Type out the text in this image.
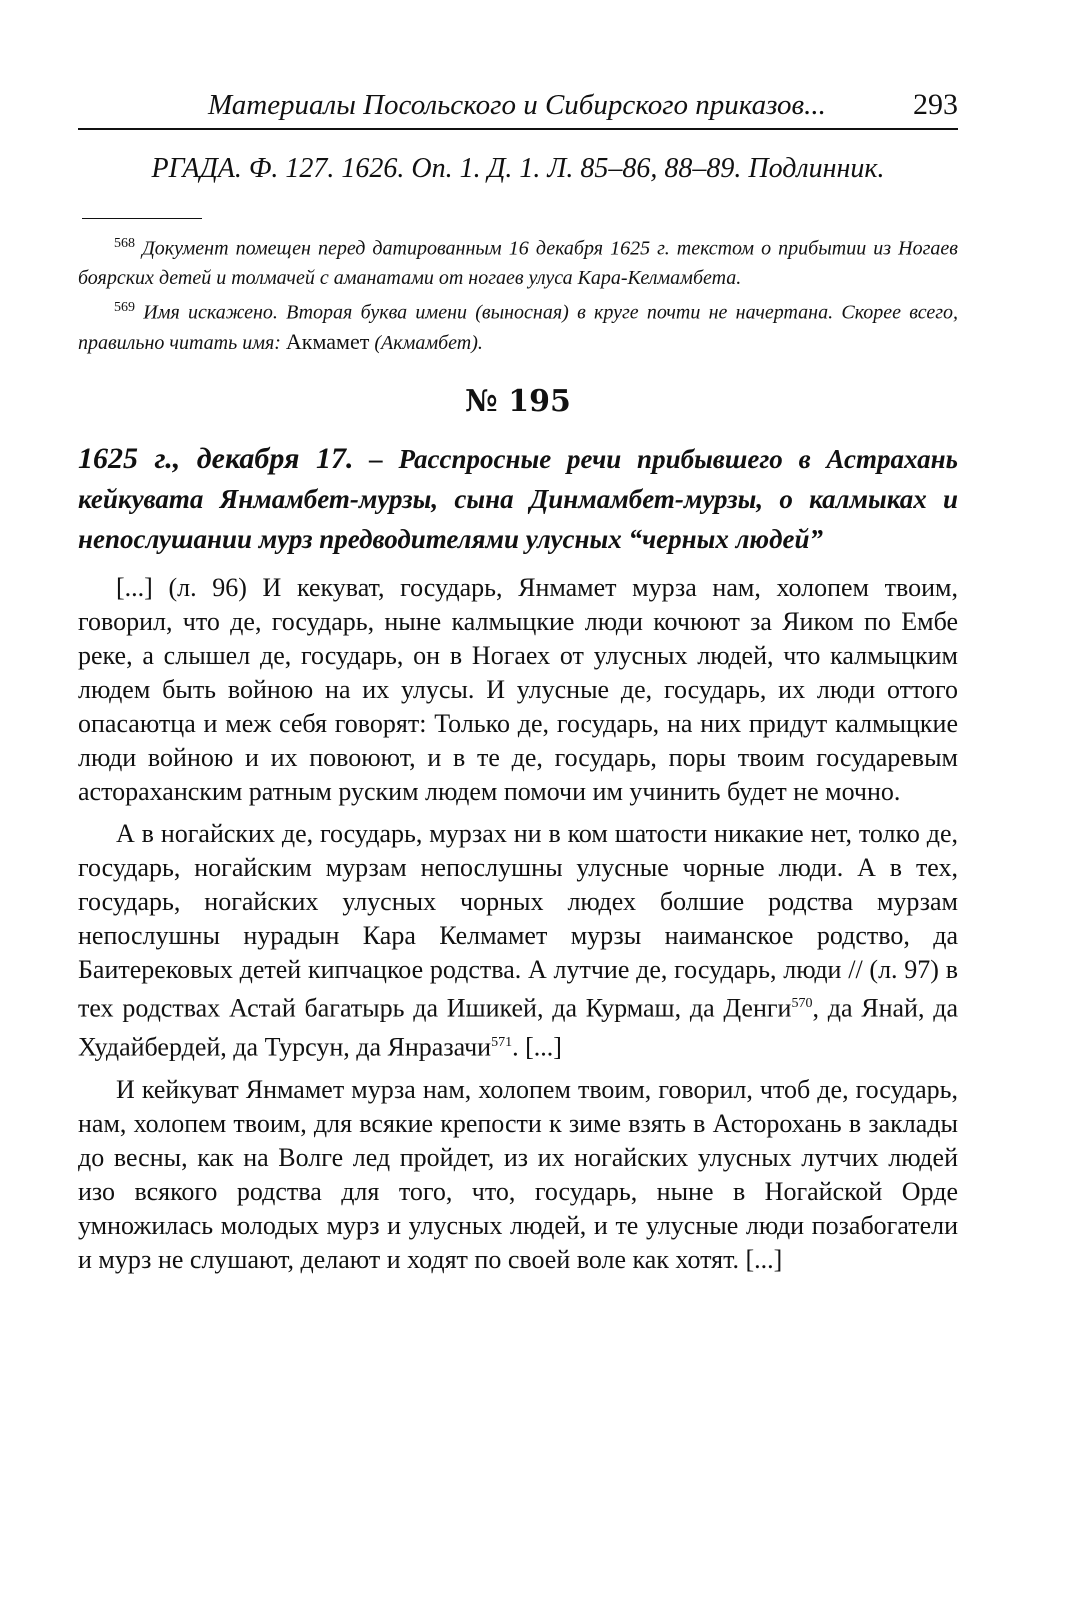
Материалы Посольского и Сибирского приказов...	293
РГАДА. Ф. 127. 1626. Оп. 1. Д. 1. Л. 85–86, 88–89. Подлинник.

$^{568}$ Документ помещен перед датированным 16 декабря 1625 г. текстом о прибытии из Ногаев боярских детей и толмачей с аманатами от ногаев улуса Кара-Келмамбета.

$^{569}$ Имя искажено. Вторая буква имени (выносная) в круге почти не начертана. Скорее всего, правильно читать имя: Акмамет (Акмамбет).

№ 195

1625 г., декабря 17. – Расспросные речи прибывшего в Астрахань кейкувата Янмамбет-мурзы, сына Динмамбет-мурзы, о калмыках и непослушании мурз предводителями улусных “черных людей”

[...] (л. 96) И кекуват, государь, Янмамет мурза нам, холопем твоим, говорил, что де, государь, ныне калмыцкие люди кочюют за Яиком по Ембе реке, а слышел де, государь, он в Ногаех от улусных людей, что калмыцким людем быть войною на их улусы. И улусные де, государь, их люди оттого опасаютца и меж себя говорят: Только де, государь, на них придут калмыцкие люди войною и их повоюют, и в те де, государь, поры твоим государевым астораханским ратным руским людем помочи им учинить будет не мочно.

А в ногайских де, государь, мурзах ни в ком шатости никакие нет, толко де, государь, ногайским мурзам непослушны улусные чорные люди. А в тех, государь, ногайских улусных чорных людех болшие родства мурзам непослушны нурадын Кара Келмамет мурзы наиманское родство, да Баитерековых детей кипчацкое родства. А лутчие де, государь, люди // (л. 97) в тех родствах Астай багатырь да Ишикей, да Курмаш, да Денги$^{570}$, да Янай, да Худайбердей, да Турсун, да Янразачи$^{571}$. [...]

И кейкуват Янмамет мурза нам, холопем твоим, говорил, чтоб де, государь, нам, холопем твоим, для всякие крепости к зиме взять в Асторохань в заклады до весны, как на Волге лед пройдет, из их ногайских улусных лутчих людей изо всякого родства для того, что, государь, ныне в Ногайской Орде умножилась молодых мурз и улусных людей, и те улусные люди позабогатели и мурз не слушают, делают и ходят по своей воле как хотят. [...]
